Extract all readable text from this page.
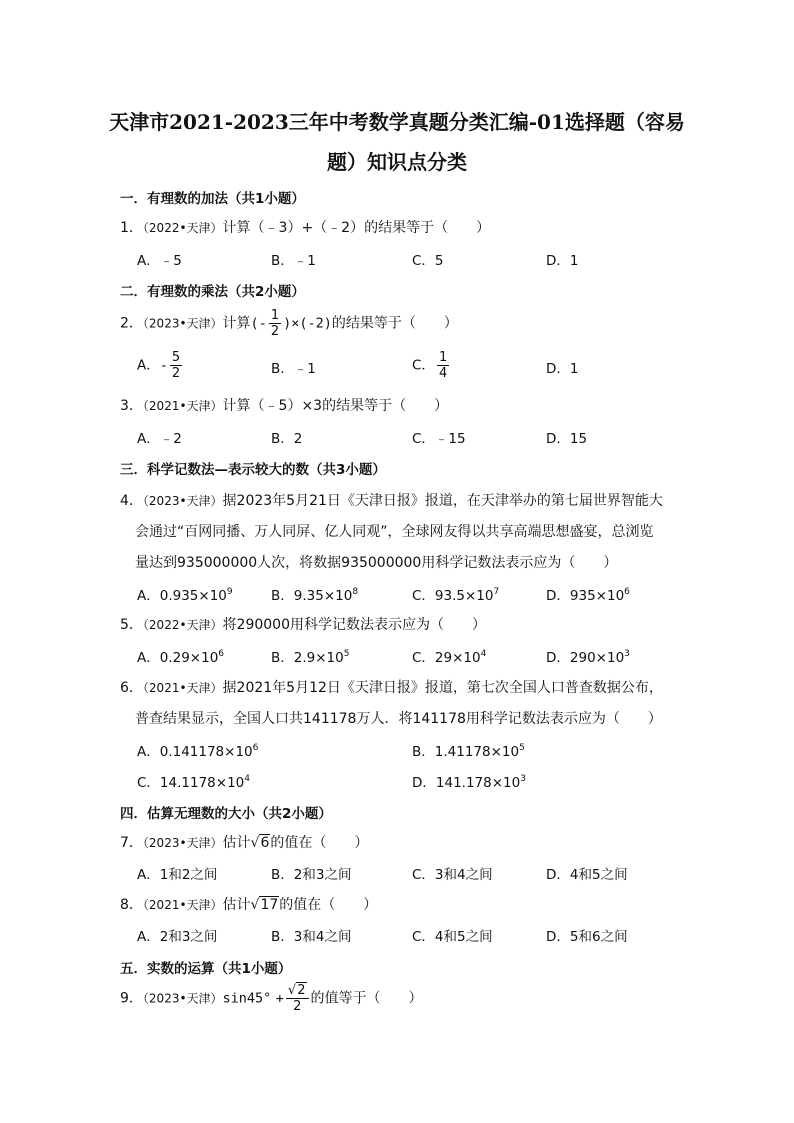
天津市2021-2023三年中考数学真题分类汇编-01选择题（容易
题）知识点分类
一．有理数的加法（共1小题）
1．（2022•天津）计算（﹣3）+（﹣2）的结果等于（　　）
A．﹣5	B．﹣1	C．5	D．1
二．有理数的乘法（共2小题）
2．（2023•天津）计算(- $\frac{1}{2} )\times(-2)$的结果等于（　　）
A．- $\frac{5}{2}$	B．﹣1	C． $\frac{1}{4}$	D．1
3．（2021•天津）计算（﹣5）×3的结果等于（　　）
A．﹣2	B．2	C．﹣15	D．15
三．科学记数法—表示较大的数（共3小题）
4．（2023•天津）据2023年5月21日《天津日报》报道，在天津举办的第七届世界智能大
会通过“百网同播、万人同屏、亿人同观”，全球网友得以共享高端思想盛宴，总浏览
量达到935000000人次，将数据935000000用科学记数法表示应为（　　）
A．$0.935\times 10^9$	B．$9.35\times 10^8$	C．$93.5\times 10^7$	D．$935\times 10^6$
5．（2022•天津）将290000用科学记数法表示应为（　　）
A．$0.29\times 10^6$	B．$2.9\times 10^5$	C．$29\times 10^4$	D．$290\times 10^3$
6．（2021•天津）据2021年5月12日《天津日报》报道，第七次全国人口普查数据公布，
普查结果显示，全国人口共141178万人．将141178用科学记数法表示应为（　　）
A．$0.141178\times 10^6$	B．$1.41178\times 10^5$
C．$14.1178\times 10^4$	D．$141.178\times 10^3$
四．估算无理数的大小（共2小题）
7．（2023•天津）估计√6的值在（　　）
A．1和2之间	B．2和3之间	C．3和4之间	D．4和5之间
8．（2021•天津）估计√17的值在（　　）
A．2和3之间	B．3和4之间	C．4和5之间	D．5和6之间
五．实数的运算（共1小题）
9．（2023•天津）$\sin 45^\circ + \frac{√2}{2}$ 的值等于（　　）
